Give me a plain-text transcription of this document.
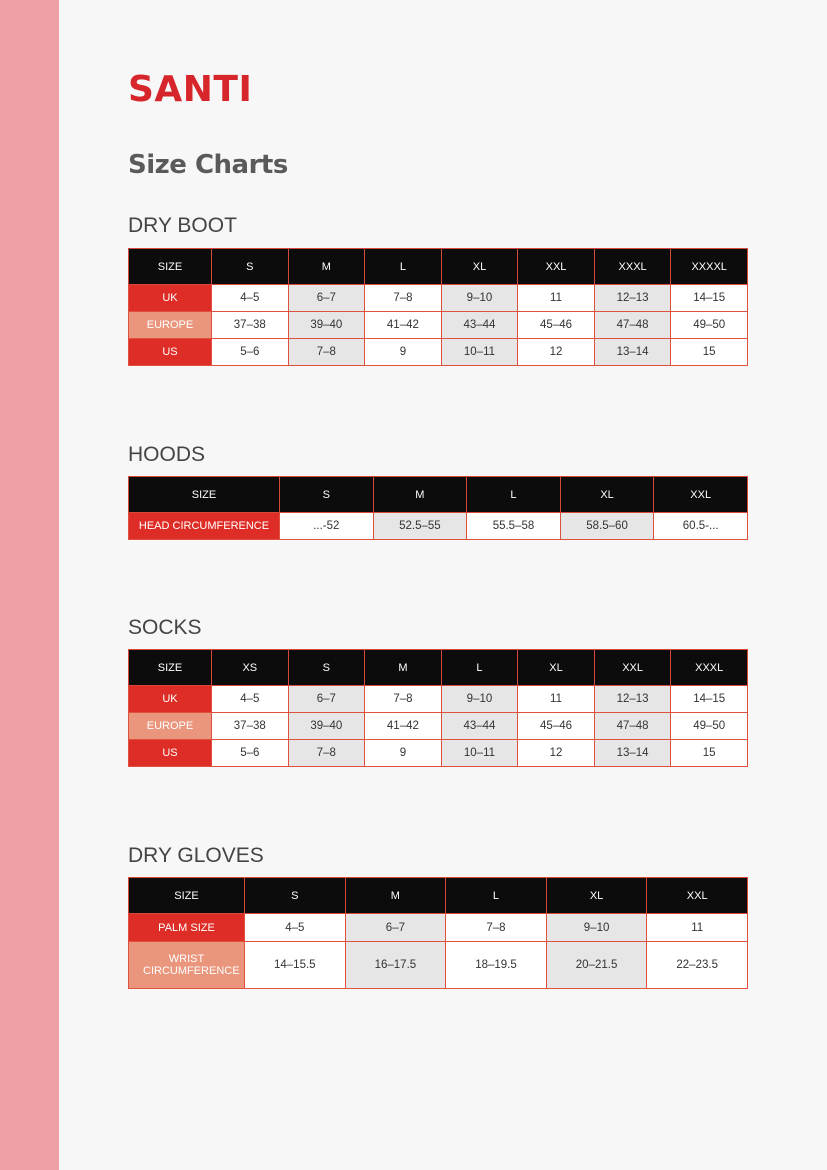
SANTI
Size Charts
DRY BOOT
SIZE	S	M	L	XL	XXL	XXXL	XXXXL
UK	4–5	6–7	7–8	9–10	11	12–13	14–15
EUROPE	37–38	39–40	41–42	43–44	45–46	47–48	49–50
US	5–6	7–8	9	10–11	12	13–14	15
HOODS
SIZE	S	M	L	XL	XXL
HEAD CIRCUMFERENCE	...-52	52.5–55	55.5–58	58.5–60	60.5-...
SOCKS
SIZE	XS	S	M	L	XL	XXL	XXXL
UK	4–5	6–7	7–8	9–10	11	12–13	14–15
EUROPE	37–38	39–40	41–42	43–44	45–46	47–48	49–50
US	5–6	7–8	9	10–11	12	13–14	15
DRY GLOVES
SIZE	S	M	L	XL	XXL
PALM SIZE	4–5	6–7	7–8	9–10	11
WRIST CIRCUMFERENCE	14–15.5	16–17.5	18–19.5	20–21.5	22–23.5
